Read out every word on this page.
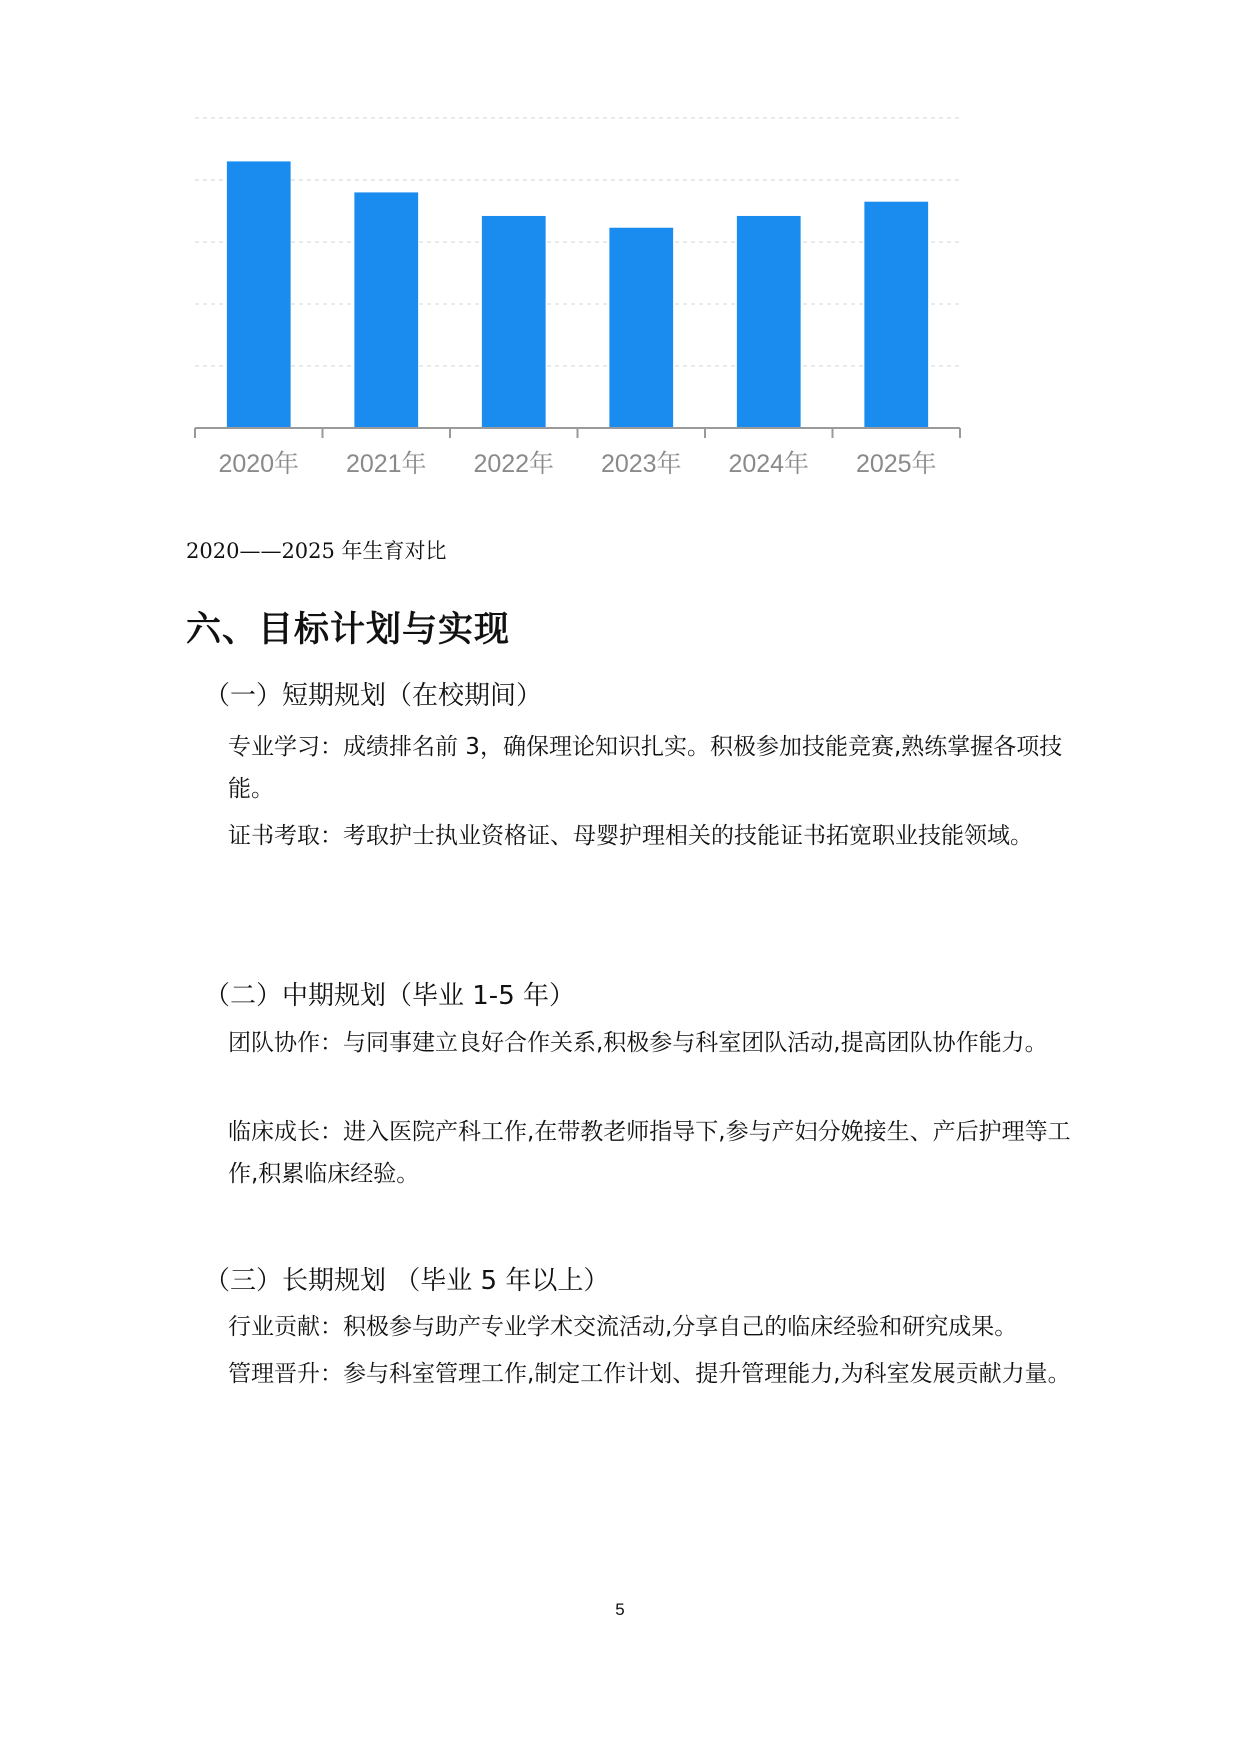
2020年 2021年 2022年 2023年 2024年 2025年
2020——2025 年生育对比
六、目标计划与实现
（一）短期规划（在校期间）

专业学习：成绩排名前 3，确保理论知识扎实。积极参加技能竞赛,熟练掌握各项技能。

证书考取：考取护士执业资格证、母婴护理相关的技能证书拓宽职业技能领域。

（二）中期规划（毕业 1-5 年）

团队协作：与同事建立良好合作关系,积极参与科室团队活动,提高团队协作能力。

临床成长：进入医院产科工作,在带教老师指导下,参与产妇分娩接生、产后护理等工作,积累临床经验。

（三）长期规划 （毕业 5 年以上）

行业贡献：积极参与助产专业学术交流活动,分享自己的临床经验和研究成果。

管理晋升：参与科室管理工作,制定工作计划、提升管理能力,为科室发展贡献力量。

5
